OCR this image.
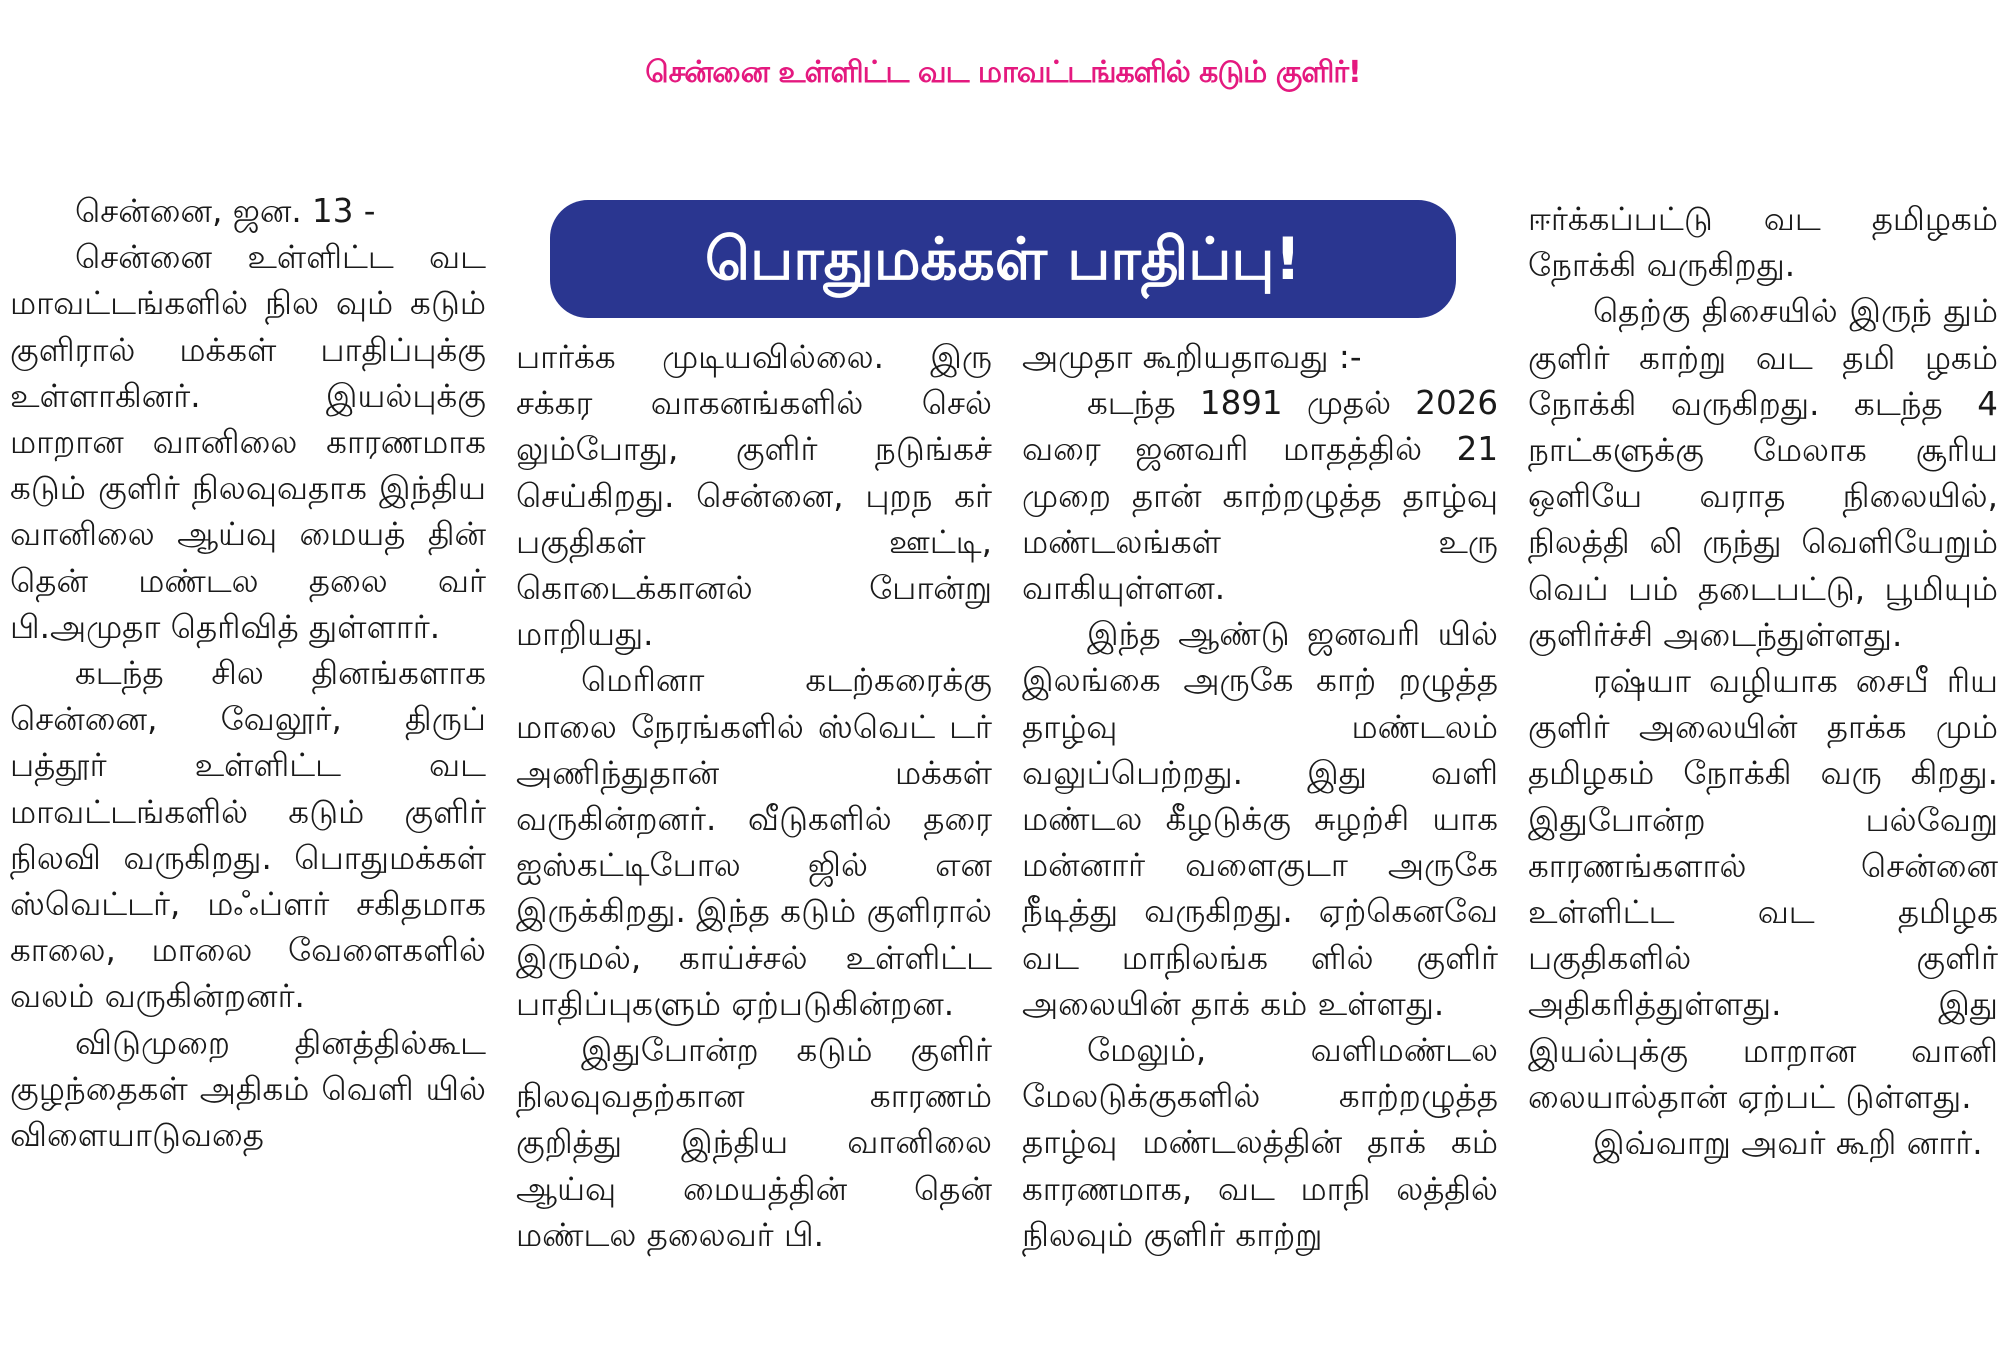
சென்னை உள்ளிட்ட வட மாவட்டங்களில் கடும் குளிர்!
பொதுமக்கள் பாதிப்பு!

சென்னை, ஜன. 13 -

சென்னை உள்ளிட்ட வட மாவட்டங்களில் நில வும் கடும் குளிரால் மக்கள் பாதிப்புக்கு உள்ளாகினர். இயல்புக்கு மாறான வானிலை காரணமாக கடும் குளிர் நிலவுவதாக இந்திய வானிலை ஆய்வு மையத் தின் தென் மண்டல தலை வர் பி.அமுதா தெரிவித் துள்ளார்.

கடந்த சில தினங்களாக சென்னை, வேலூர், திருப் பத்தூர் உள்ளிட்ட வட மாவட்டங்களில் கடும் குளிர் நிலவி வருகிறது. பொதுமக்கள் ஸ்வெட்டர், மஃப்ளர் சகிதமாக காலை, மாலை வேளைகளில் வலம் வருகின்றனர்.

விடுமுறை தினத்தில்கூட குழந்தைகள் அதிகம் வெளி யில் விளையாடுவதை

பார்க்க முடியவில்லை. இரு சக்கர வாகனங்களில் செல் லும்போது, குளிர் நடுங்கச் செய்கிறது. சென்னை, புறந கர் பகுதிகள் ஊட்டி, கொடைக்கானல் போன்று மாறியது.

மெரினா கடற்கரைக்கு மாலை நேரங்களில் ஸ்வெட் டர் அணிந்துதான் மக்கள் வருகின்றனர். வீடுகளில் தரை ஐஸ்கட்டிபோல ஜில் என இருக்கிறது. இந்த கடும் குளிரால் இருமல், காய்ச்சல் உள்ளிட்ட பாதிப்புகளும் ஏற்படுகின்றன.

இதுபோன்ற கடும் குளிர் நிலவுவதற்கான காரணம் குறித்து இந்திய வானிலை ஆய்வு மையத்தின் தென் மண்டல தலைவர் பி.

அமுதா கூறியதாவது :-

கடந்த 1891 முதல் 2026 வரை ஜனவரி மாதத்தில் 21 முறை தான் காற்றழுத்த தாழ்வு மண்டலங்கள் உரு வாகியுள்ளன.

இந்த ஆண்டு ஜனவரி யில் இலங்கை அருகே காற் றழுத்த தாழ்வு மண்டலம் வலுப்பெற்றது. இது வளி மண்டல கீழடுக்கு சுழற்சி யாக மன்னார் வளைகுடா அருகே நீடித்து வருகிறது. ஏற்கெனவே வட மாநிலங்க ளில் குளிர் அலையின் தாக் கம் உள்ளது.

மேலும், வளிமண்டல மேலடுக்குகளில் காற்றழுத்த தாழ்வு மண்டலத்தின் தாக் கம் காரணமாக, வட மாநி லத்தில் நிலவும் குளிர் காற்று

ஈர்க்கப்பட்டு வட தமிழகம் நோக்கி வருகிறது.

தெற்கு திசையில் இருந் தும் குளிர் காற்று வட தமி ழகம் நோக்கி வருகிறது. கடந்த 4 நாட்களுக்கு மேலாக சூரிய ஒளியே வராத நிலையில், நிலத்தி லி ருந்து வெளியேறும் வெப் பம் தடைபட்டு, பூமியும் குளிர்ச்சி அடைந்துள்ளது.

ரஷ்யா வழியாக சைபீ ரிய குளிர் அலையின் தாக்க மும் தமிழகம் நோக்கி வரு கிறது. இதுபோன்ற பல்வேறு காரணங்களால் சென்னை உள்ளிட்ட வட தமிழக பகுதிகளில் குளிர் அதிகரித்துள்ளது. இது இயல்புக்கு மாறான வானி லையால்தான் ஏற்பட் டுள்ளது.

இவ்வாறு அவர் கூறி னார்.
